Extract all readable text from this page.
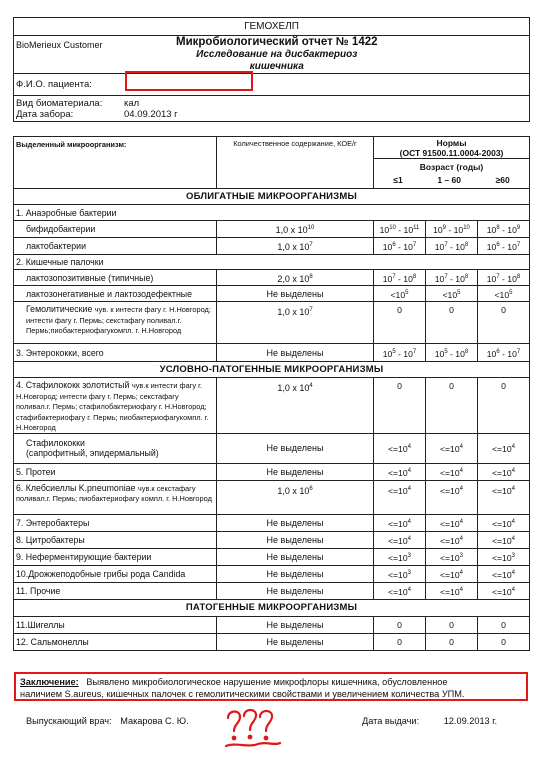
ГЕМОХЕЛП
BioMerieux Customer	Микробиологический отчет № 1422
Исследование на дисбактериоз кишечника

Ф.И.О. пациента:	.

Вид биоматериала: кал
Дата забора:	04.09.2013 г
Выделенный микроорганизм:	Количественное содержание, КОЕ/г	Нормы
(ОСТ 91500.11.0004-2003)		

		Возраст (годы)
≤1 1 – 60 ≥60		

ОБЛИГАТНЫЕ МИКРООРГАНИЗМЫ				
1. Анаэробные бактерии				
бифидобактерии	1,0 x $10^{10}$	$10^{10} - 10^{11}$	$10^9 - 10^{10}$	$10^8 - 10^9$
лактобактерии	1,0 x $10^7$	$10^6 - 10^7$	$10^7 - 10^8$	$10^6 - 10^7$
2. Кишечные палочки				
лактозопозитивные (типичные)	2,0 x $10^8$	$10^7 - 10^8$	$10^7 - 10^8$	$10^7 - 10^8$
лактозонегативные и лактозодефектные	Не выделены	$<10^5$	$<10^5$	$<10^5$
Гемолитические чув. к интести фагу г. Н.Новгород; интести фагу г. Пермь; секстафагу поливал.г. Пермь;пиобактериофагукомпл. г. Н.Новгород	1,0 x $10^7$	0	0	0
3. Энтерококки, всего	Не выделены	$10^5 - 10^7$	$10^5 - 10^8$	$10^6 - 10^7$
УСЛОВНО-ПАТОГЕННЫЕ МИКРООРГАНИЗМЫ				
4. Стафилококк золотистый чув.к интести фагу г. Н.Новгород; интести фагу г. Пермь; секстафагу поливал.г. Пермь; стафилобактериофагу г. Н.Новгород; стафибактериофагу г. Пермь; пиобактериофагукомпл. г. Н.Новгород	1,0 x $10^4$	0	0	0

Стафилококки
(сапрофитный, эпидермальный)	Не выделены	$<=10^4$	$<=10^4$	$<=10^4$
5. Протеи	Не выделены	$<=10^4$	$<=10^4$	$<=10^4$
6. Клебсиеллы K.pneumoniae чув.к секстафагу поливал.г. Пермь; пиобактериофагу компл. г. Н.Новгород	1,0 x $10^6$	$<=10^4$	$<=10^4$	$<=10^4$
7. Энтеробактеры	Не выделены	$<=10^4$	$<=10^4$	$<=10^4$
8. Цитробактеры	Не выделены	$<=10^4$	$<=10^4$	$<=10^4$
9. Неферментирующие бактерии	Не выделены	$<=10^3$	$<=10^3$	$<=10^3$
10.Дрожжеподобные грибы рода Candida	Не выделены	$<=10^3$	$<=10^4$	$<=10^4$
11. Прочие	Не выделены	$<=10^4$	$<=10^4$	$<=10^4$
ПАТОГЕННЫЕ МИКРООРГАНИЗМЫ				
11.Шигеллы	Не выделены	0	0	0
12. Сальмонеллы	Не выделены	0	0	0
Заключение: Выявлено микробиологическое нарушение микрофлоры кишечника, обусловленное
наличием S.aureus, кишечных палочек с гемолитическими свойствами и увеличением количества УПМ.
Выпускающий врач: Макарова С. Ю.	Дата выдачи:	12.09.2013 г.
